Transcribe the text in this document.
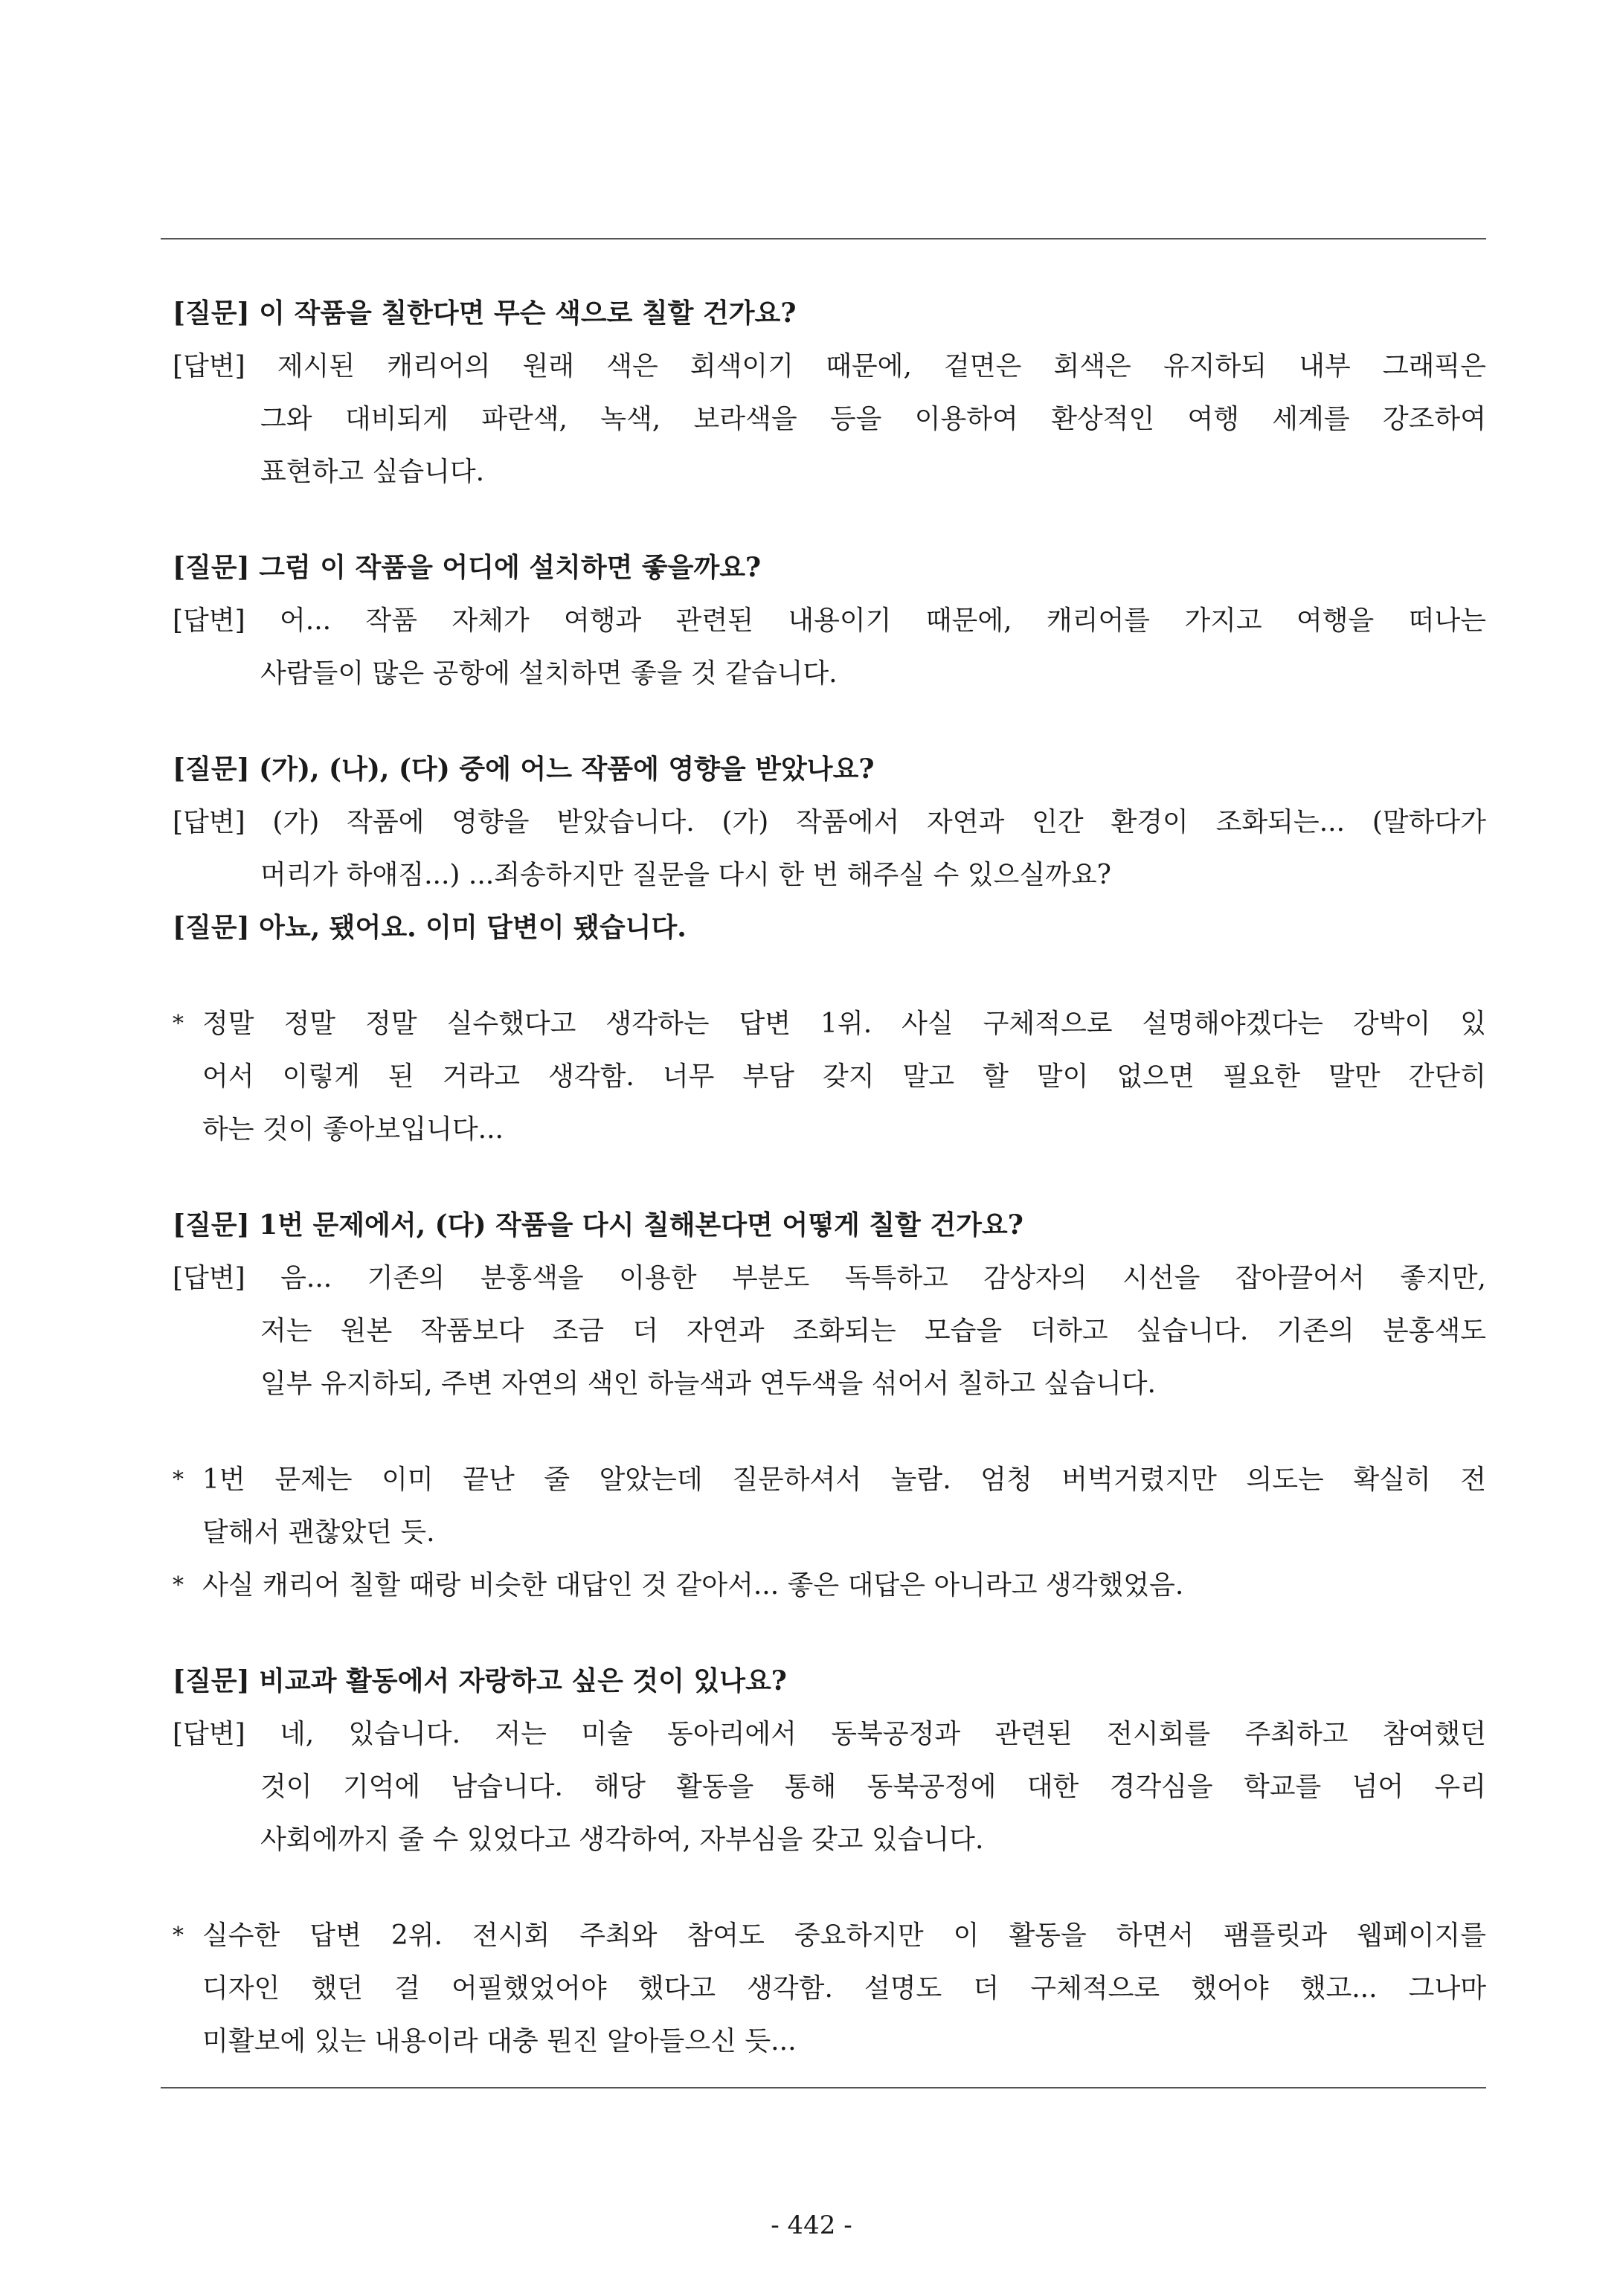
[질문] 이 작품을 칠한다면 무슨 색으로 칠할 건가요?
[답변] 제시된 캐리어의 원래 색은 회색이기 때문에, 겉면은 회색은 유지하되 내부 그래픽은
그와 대비되게 파란색, 녹색, 보라색을 등을 이용하여 환상적인 여행 세계를 강조하여
표현하고 싶습니다.
[질문] 그럼 이 작품을 어디에 설치하면 좋을까요?
[답변] 어... 작품 자체가 여행과 관련된 내용이기 때문에, 캐리어를 가지고 여행을 떠나는
사람들이 많은 공항에 설치하면 좋을 것 같습니다.
[질문] (가), (나), (다) 중에 어느 작품에 영향을 받았나요?
[답변] (가) 작품에 영향을 받았습니다. (가) 작품에서 자연과 인간 환경이 조화되는... (말하다가
머리가 하얘짐...) ...죄송하지만 질문을 다시 한 번 해주실 수 있으실까요?
[질문] 아뇨, 됐어요. 이미 답변이 됐습니다.
* 정말 정말 정말 실수했다고 생각하는 답변 1위. 사실 구체적으로 설명해야겠다는 강박이 있
어서 이렇게 된 거라고 생각함. 너무 부담 갖지 말고 할 말이 없으면 필요한 말만 간단히
하는 것이 좋아보입니다...
[질문] 1번 문제에서, (다) 작품을 다시 칠해본다면 어떻게 칠할 건가요?
[답변] 음... 기존의 분홍색을 이용한 부분도 독특하고 감상자의 시선을 잡아끌어서 좋지만,
저는 원본 작품보다 조금 더 자연과 조화되는 모습을 더하고 싶습니다. 기존의 분홍색도
일부 유지하되, 주변 자연의 색인 하늘색과 연두색을 섞어서 칠하고 싶습니다.
* 1번 문제는 이미 끝난 줄 알았는데 질문하셔서 놀람. 엄청 버벅거렸지만 의도는 확실히 전
달해서 괜찮았던 듯.
* 사실 캐리어 칠할 때랑 비슷한 대답인 것 같아서... 좋은 대답은 아니라고 생각했었음.
[질문] 비교과 활동에서 자랑하고 싶은 것이 있나요?
[답변] 네, 있습니다. 저는 미술 동아리에서 동북공정과 관련된 전시회를 주최하고 참여했던
것이 기억에 남습니다. 해당 활동을 통해 동북공정에 대한 경각심을 학교를 넘어 우리
사회에까지 줄 수 있었다고 생각하여, 자부심을 갖고 있습니다.
* 실수한 답변 2위. 전시회 주최와 참여도 중요하지만 이 활동을 하면서 팸플릿과 웹페이지를
디자인 했던 걸 어필했었어야 했다고 생각함. 설명도 더 구체적으로 했어야 했고... 그나마
미활보에 있는 내용이라 대충 뭔진 알아들으신 듯...
- 442 -
